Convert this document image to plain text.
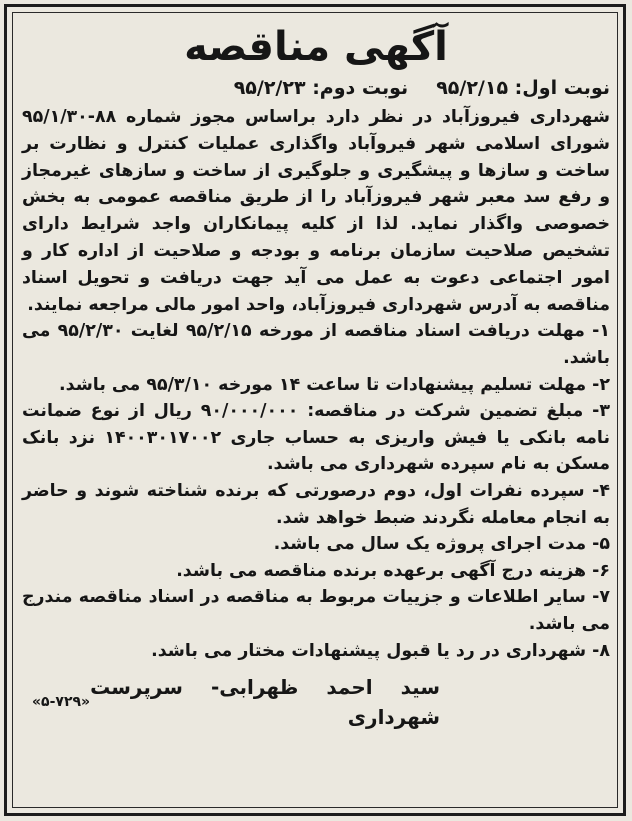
آگهی مناقصه
نوبت اول: ۹۵/۲/۱۵
نوبت دوم: ۹۵/۲/۲۳

شهرداری فیروزآباد در نظر دارد براساس مجوز شماره ۸۸-۹۵/۱/۳۰ شورای اسلامی شهر فیروآباد واگذاری عملیات کنترل و نظارت بر ساخت و سازها و پیشگیری و جلوگیری از ساخت و سازهای غیرمجاز و رفع سد معبر شهر فیروزآباد را از طریق مناقصه عمومی به بخش خصوصی واگذار نماید. لذا از کلیه پیمانکاران واجد شرایط دارای تشخیص صلاحیت سازمان برنامه و بودجه و صلاحیت از اداره کار و امور اجتماعی دعوت به عمل می آید جهت دریافت و تحویل اسناد مناقصه به آدرس شهرداری فیروزآباد، واحد امور مالی مراجعه نمایند.

۱- مهلت دریافت اسناد مناقصه از مورخه ۹۵/۲/۱۵ لغایت ۹۵/۲/۳۰ می باشد.

۲- مهلت تسلیم پیشنهادات تا ساعت ۱۴ مورخه ۹۵/۳/۱۰ می باشد.

۳- مبلغ تضمین شرکت در مناقصه: ۹۰/۰۰۰/۰۰۰ ریال از نوع ضمانت نامه بانکی یا فیش واریزی به حساب جاری ۱۴۰۰۳۰۱۷۰۰۲ نزد بانک مسکن به نام سپرده شهرداری می باشد.

۴- سپرده نفرات اول، دوم درصورتی که برنده شناخته شوند و حاضر به انجام معامله نگردند ضبط خواهد شد.

۵- مدت اجرای پروژه یک سال می باشد.

۶- هزینه درج آگهی برعهده برنده مناقصه می باشد.

۷- سایر اطلاعات و جزییات مربوط به مناقصه در اسناد مناقصه مندرج می باشد.

۸- شهرداری در رد یا قبول پیشنهادات مختار می باشد.

سید احمد ظهرابی- سرپرست شهرداری
«۵-۷۲۹»
